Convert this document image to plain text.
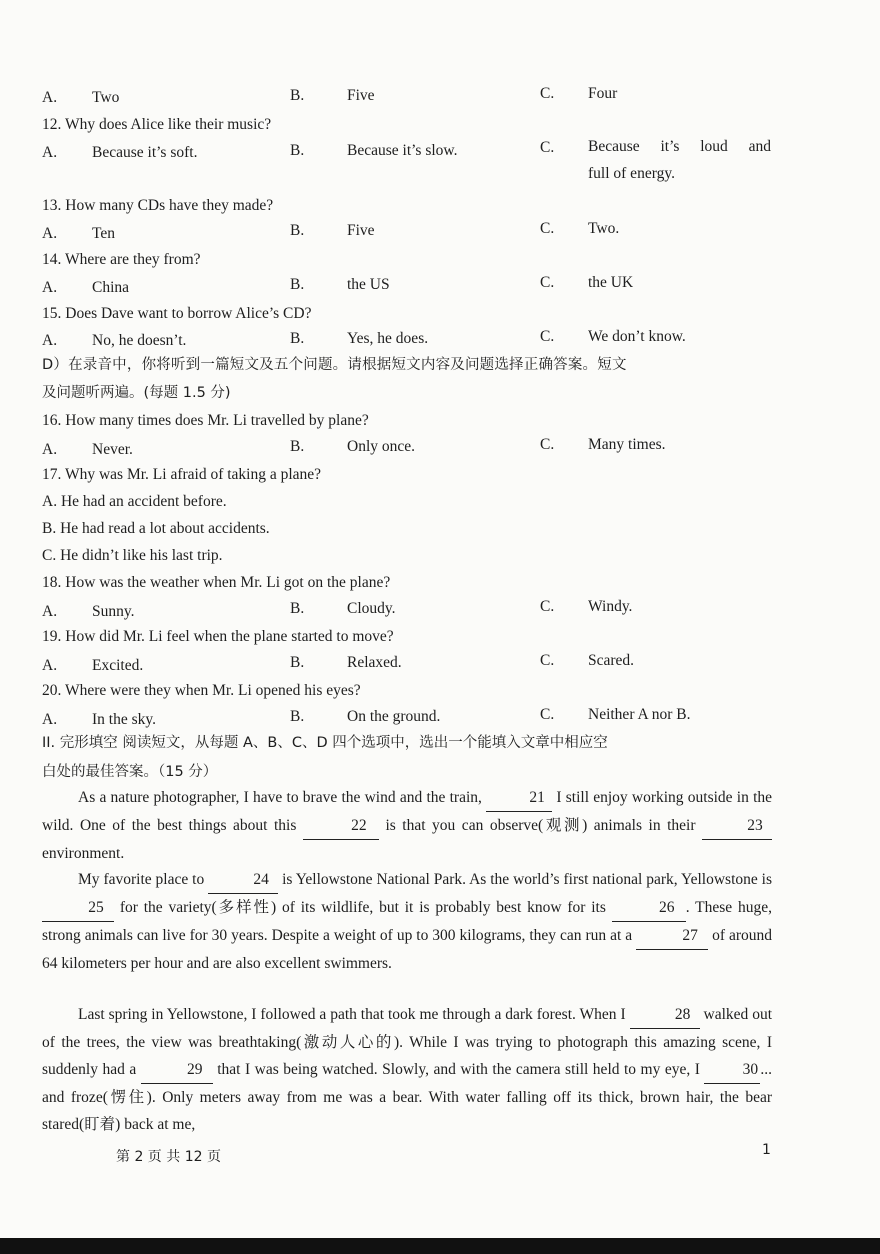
A. Two	B.	Five	C. Four
12. Why does Alice like their music?
A. Because it’s soft.	B.	Because it’s slow.	C. Because it’s loud and
full of energy.
13. How many CDs have they made?
A. Ten	B.	Five	C. Two.
14. Where are they from?
A. China	B.	the US	C. the UK
15. Does Dave want to borrow Alice’s CD?
A. No, he doesn’t.	B.	Yes, he does.	C. We don’t know.
D）在录音中，你将听到一篇短文及五个问题。请根据短文内容及问题选择正确答案。短文
及问题听两遍。(每题 1.5 分)
16. How many times does Mr. Li travelled by plane?
A. Never.	B.	Only once.	C. Many times.
17. Why was Mr. Li afraid of taking a plane?
A. He had an accident before.
B. He had read a lot about accidents.
C. He didn’t like his last trip.
18. How was the weather when Mr. Li got on the plane?
A. Sunny.	B.	Cloudy.	C. Windy.
19. How did Mr. Li feel when the plane started to move?
A. Excited.	B.	Relaxed.	C. Scared.
20. Where were they when Mr. Li opened his eyes?
A. In the sky.	B.	On the ground.	C. Neither A nor B.
II. 完形填空 阅读短文，从每题 A、B、C、D 四个选项中，选出一个能填入文章中相应空
白处的最佳答案。（15 分）
As a nature photographer, I have to brave the wind and the train,	21 I still enjoy working outside in the wild. One of the best things about this	22 is that you can observe(观测) animals in their	23 environment.
My favorite place to	24 is Yellowstone National Park. As the world’s first national park, Yellowstone is 25 for the variety(多样性) of its wildlife, but it is probably best know for its	26 . These huge, strong animals can live for 30 years. Despite a weight of up to 300 kilograms, they can run at a	27 of around 64 kilometers per hour and are also excellent swimmers.
Last spring in Yellowstone, I followed a path that took me through a dark forest. When I	28 walked out of the trees, the view was breathtaking(激动人心的). While I was trying to photograph this amazing scene, I suddenly had a	29 that I was being watched. Slowly, and with the camera still held to my eye, I	30 ... and froze(愣住). Only meters away from me was a bear. With water falling off its thick, brown hair, the bear stared(盯着) back at me,
第 2 页 共 12 页	1
